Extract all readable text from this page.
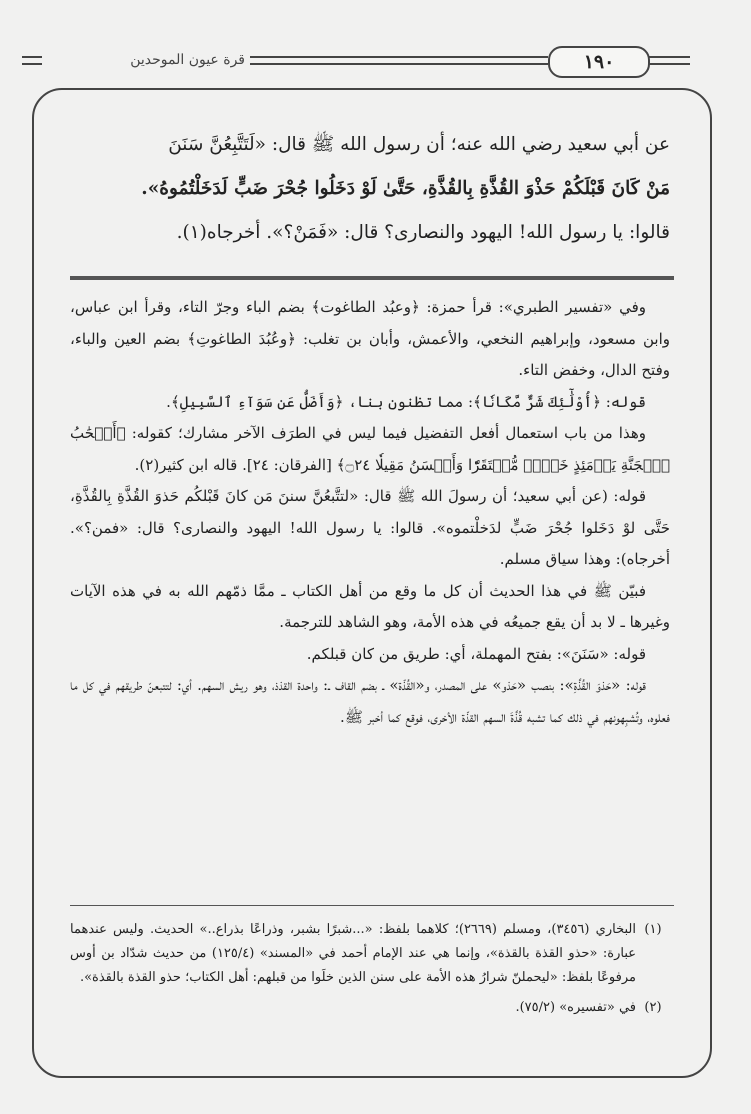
١٩٠
قرة عيون الموحدين
عن أبي سعيد رضي الله عنه؛ أن رسول الله ﷺ قال: «لَتَتَّبِعُنَّ سَنَنَ
مَنْ كَانَ قَبْلَكُمْ حَذْوَ القُذَّةِ بِالقُذَّةِ، حَتَّىٰ لَوْ دَخَلُوا جُحْرَ ضَبٍّ لَدَخَلْتُمُوهُ».
قالوا: يا رسول الله! اليهود والنصارى؟ قال: «فَمَنْ؟». أخرجاه(١).

وفي «تفسير الطبري»: قرأ حمزة: ﴿وعبُد الطاغوت﴾ بضم الباء وجرّ التاء، وقرأ ابن عباس، وابن مسعود، وإبراهيم النخعي، والأعمش، وأبان بن تغلب: ﴿وعُبُدَ الطاغوتِ﴾ بضم العين والباء، وفتح الدال، وخفض التاء.

قوله: ﴿أُوْلَٰٓئِكَ شَرٌّ مَّكَانٗا﴾: مما تظنون بنا، ﴿وَأَضَلُّ عَن سَوَآءِ ٱلسَّبِيلِ﴾.

وهذا من باب استعمال أفعل التفضيل فيما ليس في الطرَف الآخر مشارك؛ كقوله: ﴿أَصۡحَٰبُ ٱلۡجَنَّةِ يَوۡمَئِذٍ خَيۡرٞ مُّسۡتَقَرّٗا وَأَحۡسَنُ مَقِيلٗا ۝٢٤﴾ [الفرقان: ٢٤]. قاله ابن كثير(٢).

قوله: (عن أبي سعيد؛ أن رسولَ الله ﷺ قال: «لتتَّبعُنَّ سننَ مَن كانَ قَبْلكُم حَذوَ القُذَّةِ بِالقُذَّةِ، حَتَّى لوْ دَخَلوا جُحْرَ ضَبٍّ لدَخلْتموه». قالوا: يا رسول الله! اليهود والنصارى؟ قال: «فمن؟». أخرجاه): وهذا سياق مسلم.

فبيّن ﷺ في هذا الحديث أن كل ما وقع من أهل الكتاب ـ ممَّا ذمّهم الله به في هذه الآيات وغيرها ـ لا بد أن يقع جميعُه في هذه الأمة، وهو الشاهد للترجمة.

قوله: «سَنَنَ»: بفتح المهملة، أي: طريق من كان قبلكم.

قوله: «حَذوَ القُذَّةِ»: بنصب «حَذو» على المصدر، و«القُذّة» ـ بضم القاف ـ: واحدة القذذ، وهو ريش السهم. أي: لتتبعنّ طريقهم في كل ما فعلوه، وتُشبِهونهم في ذلك كما تشبه قُذَّةَ السهم القذّة الأخرى، فوقع كما أخبر ﷺ.

(١)
البخاري (٣٤٥٦)، ومسلم (٢٦٦٩)؛ كلاهما بلفظ: «...شبرًا بشبر، وذراعًا بذراع..» الحديث. وليس عندهما عبارة: «حذو القذة بالقذة»، وإنما هي عند الإمام أحمد في «المسند» (١٢٥/٤) من حديث شدّاد بن أوس مرفوعًا بلفظ: «ليحملنّ شرارُ هذه الأمة على سنن الذين خلَوا من قبلهم: أهل الكتاب؛ حذو القذة بالقذة».

(٢)
في «تفسيره» (٧٥/٢).
